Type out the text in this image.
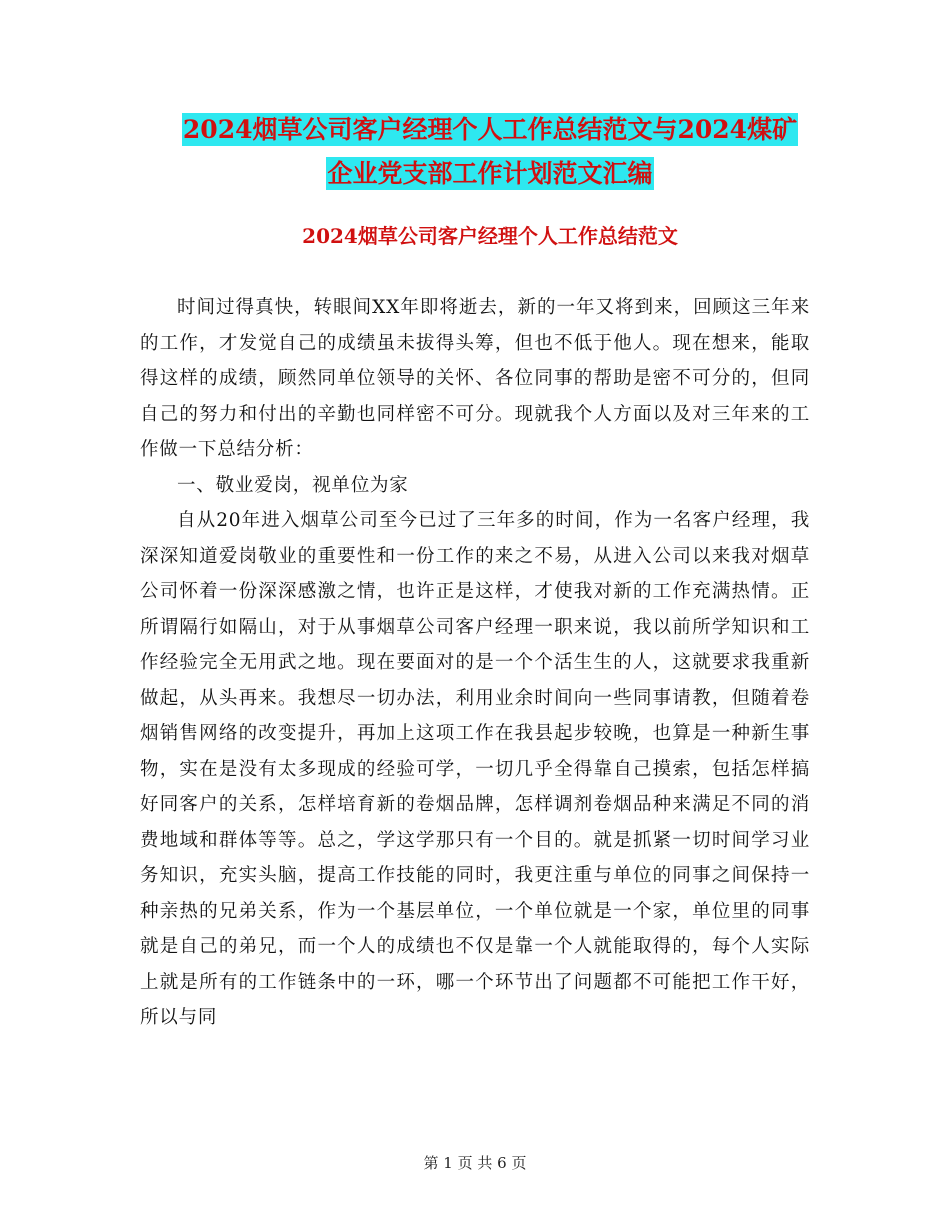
2024烟草公司客户经理个人工作总结范文与2024煤矿
企业党支部工作计划范文汇编
2024烟草公司客户经理个人工作总结范文

时间过得真快，转眼间XX年即将逝去，新的一年又将到来，回顾这三年来的工作，才发觉自己的成绩虽未拔得头筹，但也不低于他人。现在想来，能取得这样的成绩，顾然同单位领导的关怀、各位同事的帮助是密不可分的，但同自己的努力和付出的辛勤也同样密不可分。现就我个人方面以及对三年来的工作做一下总结分析：

一、敬业爱岗，视单位为家

自从20年进入烟草公司至今已过了三年多的时间，作为一名客户经理，我深深知道爱岗敬业的重要性和一份工作的来之不易，从进入公司以来我对烟草公司怀着一份深深感激之情，也许正是这样，才使我对新的工作充满热情。正所谓隔行如隔山，对于从事烟草公司客户经理一职来说，我以前所学知识和工作经验完全无用武之地。现在要面对的是一个个活生生的人，这就要求我重新做起，从头再来。我想尽一切办法，利用业余时间向一些同事请教，但随着卷烟销售网络的改变提升，再加上这项工作在我县起步较晚，也算是一种新生事物，实在是没有太多现成的经验可学，一切几乎全得靠自己摸索，包括怎样搞好同客户的关系，怎样培育新的卷烟品牌，怎样调剂卷烟品种来满足不同的消费地域和群体等等。总之，学这学那只有一个目的。就是抓紧一切时间学习业务知识，充实头脑，提高工作技能的同时，我更注重与单位的同事之间保持一种亲热的兄弟关系，作为一个基层单位，一个单位就是一个家，单位里的同事就是自己的弟兄，而一个人的成绩也不仅是靠一个人就能取得的，每个人实际上就是所有的工作链条中的一环，哪一个环节出了问题都不可能把工作干好，所以与同

第 1 页 共 6 页
